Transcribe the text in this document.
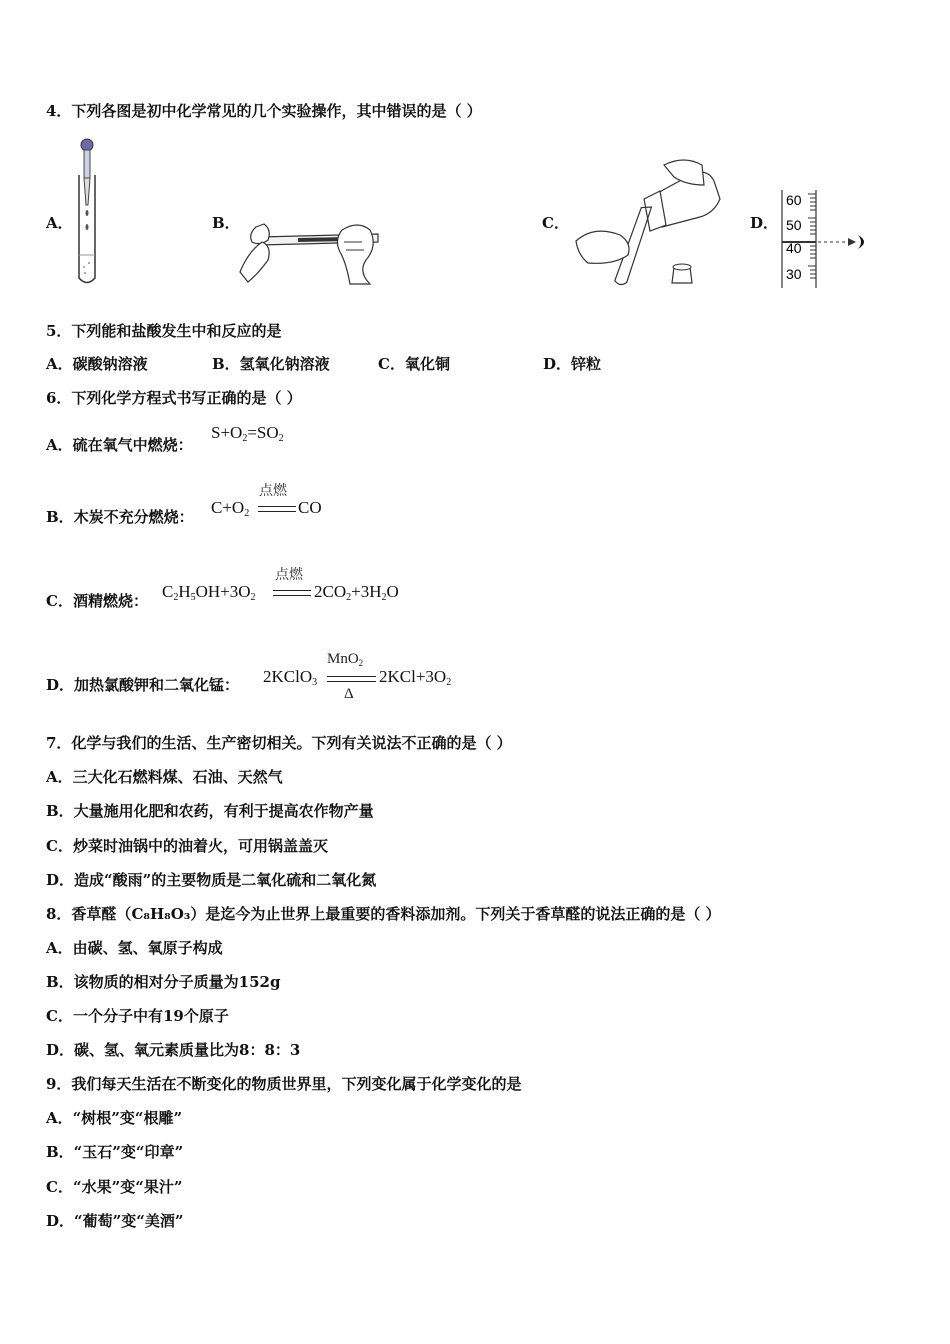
4．下列各图是初中化学常见的几个实验操作，其中错误的是（ ）
A．	B．	C．	D．
60
50
40
30
5．下列能和盐酸发生中和反应的是
A．碳酸钠溶液	B．氢氧化钠溶液	C．氧化铜	D．锌粒
6．下列化学方程式书写正确的是（ ）
A．硫在氧气中燃烧：
$S+O_2=SO_2$
B．木炭不充分燃烧： $C+O_2$
点燃
CO
C．酒精燃烧： $C_2H_5OH+3O_2$
点燃
$2CO_2+3H_2O$
D．加热氯酸钾和二氧化锰： 2KClO$_3$
MnO$_2$
Δ
$2KCl+3O_2$
7．化学与我们的生活、生产密切相关。下列有关说法不正确的是（ ）
A．三大化石燃料煤、石油、天然气
B．大量施用化肥和农药，有利于提高农作物产量
C．炒菜时油锅中的油着火，可用锅盖盖灭
D．造成“酸雨”的主要物质是二氧化硫和二氧化氮
8．香草醛（C₈H₈O₃）是迄今为止世界上最重要的香料添加剂。下列关于香草醛的说法正确的是（ ）
A．由碳、氢、氧原子构成
B．该物质的相对分子质量为152g
C．一个分子中有19个原子
D．碳、氢、氧元素质量比为8：8：3
9．我们每天生活在不断变化的物质世界里，下列变化属于化学变化的是
A．“树根”变“根雕”
B．“玉石”变“印章”
C．“水果”变“果汁”
D．“葡萄”变“美酒”
